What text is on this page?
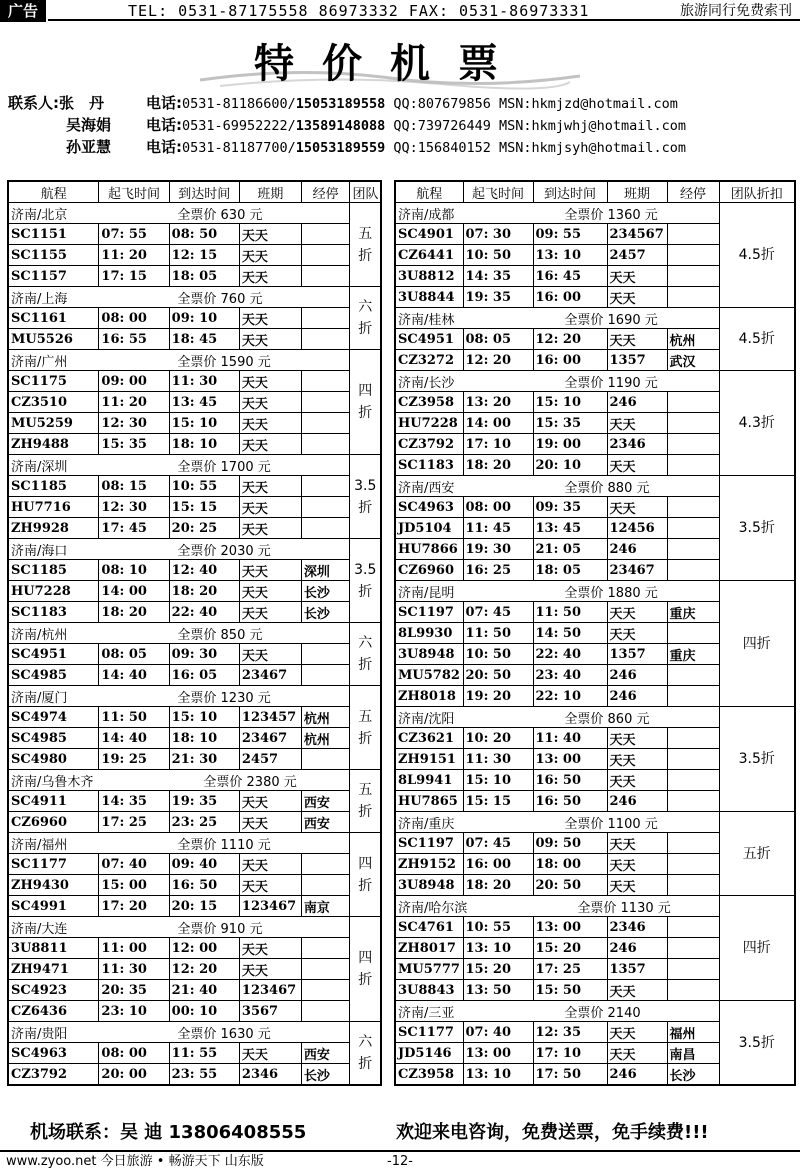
广告	TEL: 0531-87175558 86973332 FAX: 0531-86973331	旅游同行免费索刊
特价机票
联系人:张　丹	电话:0531-81186600/15053189558 QQ:807679856 MSN:hkmjzd@hotmail.com
吴海娟 电话:0531-69952222/13589148088 QQ:739726449 MSN:hkmjwhj@hotmail.com
孙亚慧 电话:0531-81187700/15053189559 QQ:156840152 MSN:hkmjsyh@hotmail.com
航程	起飞时间	到达时间	班期	经停	团队
济南/北京 全票价 630 元					五折
SC1151	07: 55	08: 50	天天		
SC1155	11: 20	12: 15	天天		
SC1157	17: 15	18: 05	天天		
济南/上海 全票价 760 元					六折
SC1161	08: 00	09: 10	天天		
MU5526	16: 55	18: 45	天天		
济南/广州 全票价 1590 元					四折
SC1175	09: 00	11: 30	天天		
CZ3510	11: 20	13: 45	天天		
MU5259	12: 30	15: 10	天天		
ZH9488	15: 35	18: 10	天天		
济南/深圳 全票价 1700 元					3.5折
SC1185	08: 15	10: 55	天天		
HU7716	12: 30	15: 15	天天		
ZH9928	17: 45	20: 25	天天		
济南/海口 全票价 2030 元					3.5折
SC1185	08: 10	12: 40	天天	深圳	
HU7228	14: 00	18: 20	天天	长沙	
SC1183	18: 20	22: 40	天天	长沙	
济南/杭州 全票价 850 元					六折
SC4951	08: 05	09: 30	天天		
SC4985	14: 40	16: 05	23467		
济南/厦门 全票价 1230 元					五折
SC4974	11: 50	15: 10	123457	杭州	
SC4985	14: 40	18: 10	23467	杭州	
SC4980	19: 25	21: 30	2457		
济南/乌鲁木齐 全票价 2380 元					五折
SC4911	14: 35	19: 35	天天	西安	
CZ6960	17: 25	23: 25	天天	西安	
济南/福州 全票价 1110 元					四折
SC1177	07: 40	09: 40	天天		
ZH9430	15: 00	16: 50	天天		
SC4991	17: 20	20: 15	123467	南京	
济南/大连 全票价 910 元					四折
3U8811	11: 00	12: 00	天天		
ZH9471	11: 30	12: 20	天天		
SC4923	20: 35	21: 40	123467		
CZ6436	23: 10	00: 10	3567		
济南/贵阳 全票价 1630 元					六折
SC4963	08: 00	11: 55	天天	西安	
CZ3792	20: 00	23: 55	2346	长沙	
航程	起飞时间	到达时间	班期	经停	团队折扣
济南/成都 全票价 1360 元					4.5折
SC4901	07: 30	09: 55	234567		
CZ6441	10: 50	13: 10	2457		
3U8812	14: 35	16: 45	天天		
3U8844	19: 35	16: 00	天天		
济南/桂林 全票价 1690 元					4.5折
SC4951	08: 05	12: 20	天天	杭州	
CZ3272	12: 20	16: 00	1357	武汉	
济南/长沙 全票价 1190 元					4.3折
CZ3958	13: 20	15: 10	246		
HU7228	14: 00	15: 35	天天		
CZ3792	17: 10	19: 00	2346		
SC1183	18: 20	20: 10	天天		
济南/西安 全票价 880 元					3.5折
SC4963	08: 00	09: 35	天天		
JD5104	11: 45	13: 45	12456		
HU7866	19: 30	21: 05	246		
CZ6960	16: 25	18: 05	23467		
济南/昆明 全票价 1880 元					四折
SC1197	07: 45	11: 50	天天	重庆	
8L9930	11: 50	14: 50	天天		
3U8948	10: 50	22: 40	1357	重庆	
MU5782	20: 50	23: 40	246		
ZH8018	19: 20	22: 10	246		
济南/沈阳 全票价 860 元					3.5折
CZ3621	10: 20	11: 40	天天		
ZH9151	11: 30	13: 00	天天		
8L9941	15: 10	16: 50	天天		
HU7865	15: 15	16: 50	246		
济南/重庆 全票价 1100 元					五折
SC1197	07: 45	09: 50	天天		
ZH9152	16: 00	18: 00	天天		
3U8948	18: 20	20: 50	天天		
济南/哈尔滨 全票价 1130 元					四折
SC4761	10: 55	13: 00	2346		
ZH8017	13: 10	15: 20	246		
MU5777	15: 20	17: 25	1357		
3U8843	13: 50	15: 50	天天		
济南/三亚 全票价 2140					3.5折
SC1177	07: 40	12: 35	天天	福州	
JD5146	13: 00	17: 10	天天	南昌	
CZ3958	13: 10	17: 50	246	长沙	
机场联系：吴 迪 13806408555	欢迎来电咨询，免费送票，免手续费!!!
www.zyoo.net 今日旅游 • 畅游天下 山东版	-12-
